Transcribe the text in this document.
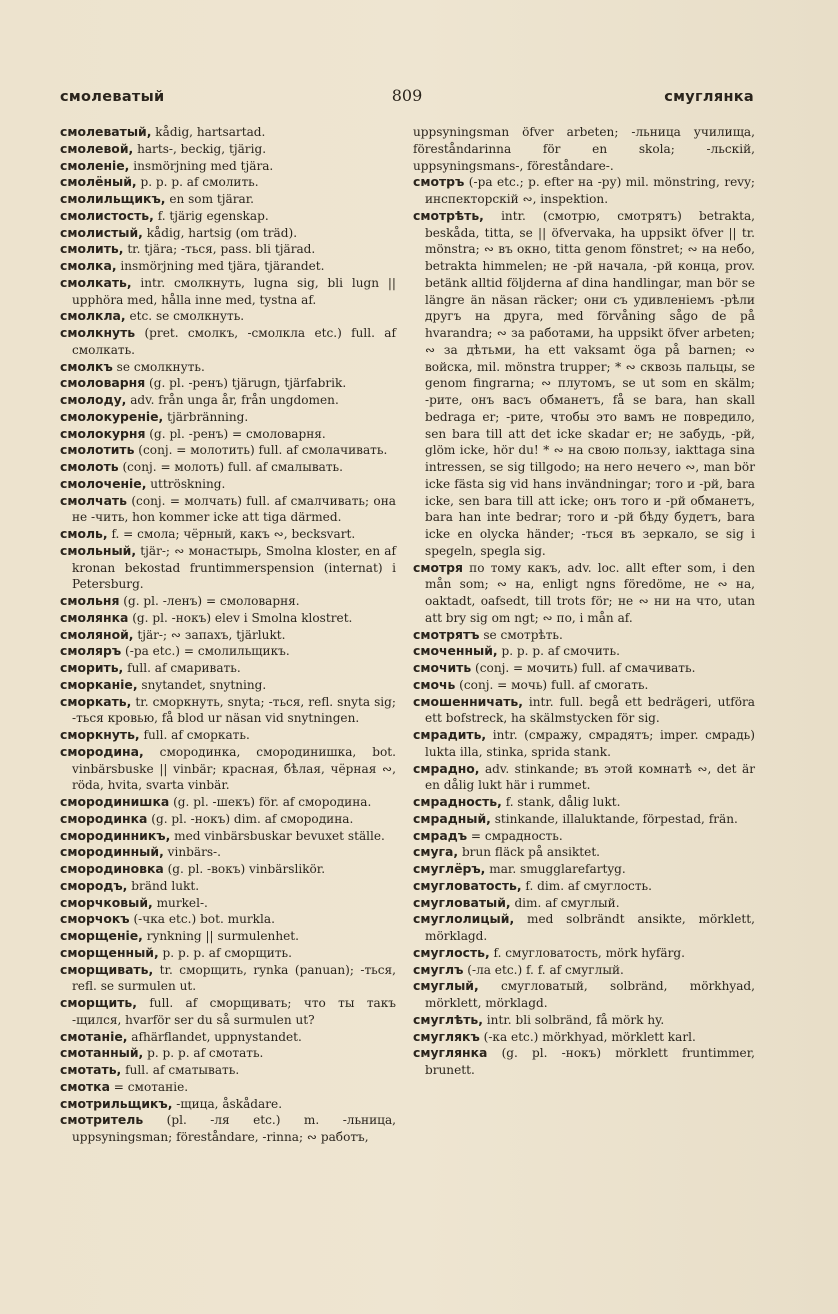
смолеватый	809	смуглянка

смолеватый, kådig, hartsartad.

смолевой, harts-, beckig, tjärig.

смоленіе, insmörjning med tjära.

смолёный, p. p. p. af смолить.

смолильщикъ, en som tjärar.

смолистость, f. tjärig egenskap.

смолистый, kådig, hartsig (om träd).

смолить, tr. tjära; -ться, pass. bli tjärad.

смолка, insmörjning med tjära, tjärandet.

смолкать, intr. смолкнуть, lugna sig, bli lugn || upphöra med, hålla inne med, tystna af.

смолкла, etc. se смолкнуть.

смолкнуть (pret. смолкъ, -смолкла etc.) full. af смолкать.

смолкъ se смолкнуть.

смоловарня (g. pl. -ренъ) tjärugn, tjärfabrik.

смолоду, adv. från unga år, från ungdomen.

смолокуреніе, tjärbränning.

смолокурня (g. pl. -ренъ) = смоловарня.

смолотить (conj. = молотить) full. af смолачивать.

смолоть (conj. = молоть) full. af смалывать.

смолоченіе, uttröskning.

смолчать (conj. = молчать) full. af смалчивать; она не -чить, hon kommer icke att tiga därmed.

смоль, f. = смола; чёрный, какъ ∾, becksvart.

смольный, tjär-; ∾ монастырь, Smolna kloster, en af kronan bekostad fruntimmerspension (internat) i Petersburg.

смольня (g. pl. -ленъ) = смоловарня.

смолянка (g. pl. -нокъ) elev i Smolna klostret.

смоляной, tjär-; ∾ запахъ, tjärlukt.

смоляръ (-ра etc.) = смолильщикъ.

сморить, full. af смаривать.

сморканіе, snytandet, snytning.

сморкать, tr. сморкнуть, snyta; -ться, refl. snyta sig; -ться кровью, få blod ur näsan vid snytningen.

сморкнуть, full. af сморкать.

смородина, смородинка, смородинишка, bot. vinbärsbuske || vinbär; красная, бѣлая, чёрная ∾, röda, hvita, svarta vinbär.

смородинишка (g. pl. -шекъ) för. af смородина.

смородинка (g. pl. -нокъ) dim. af смородина.

смородинникъ, med vinbärsbuskar bevuxet ställe.

смородинный, vinbärs-.

смородиновка (g. pl. -вокъ) vinbärslikör.

смородъ, bränd lukt.

сморчковый, murkel-.

сморчокъ (-чка etc.) bot. murkla.

сморщеніе, rynkning || surmulenhet.

сморщенный, p. p. p. af сморщить.

сморщивать, tr. сморщить, rynka (panuan); -ться, refl. se surmulen ut.

сморщить, full. af сморщивать; что ты такъ -щился, hvarför ser du så surmulen ut?

смотаніе, afhärflandet, uppnystandet.

смотанный, p. p. p. af смотать.

смотать, full. af сматывать.

смотка = смотаніе.

смотрильщикъ, -щица, åskådare.

смотритель (pl. -ля etc.) m. -льница, uppsyningsman; föreståndare, -rinna; ∾ работъ,

uppsyningsman öfver arbeten; -льница училища, föreståndarinna för en skola; -льскій, uppsyningsmans-, föreståndare-.

смотръ (-ра etc.; p. efter на -ру) mil. mönstring, revy; инспекторскій ∾, inspektion.

смотрѣть, intr. (смотрю, смотрятъ) betrakta, beskåda, titta, se || öfvervaka, ha uppsikt öfver || tr. mönstra; ∾ въ окно, titta genom fönstret; ∾ на небо, betrakta himmelen; не -рй начала, -рй конца, prov. betänk alltid följderna af dina handlingar, man bör se längre än näsan räcker; они съ удивленіемъ -рѣли другъ на друга, med förvåning sågo de på hvarandra; ∾ за работами, ha uppsikt öfver arbeten; ∾ за дѣтьми, ha ett vaksamt öga på barnen; ∾ войска, mil. mönstra trupper; * ∾ сквозь пальцы, se genom fingrarna; ∾ плутомъ, se ut som en skälm; -рите, онъ васъ обманетъ, få se bara, han skall bedraga er; -рите, чтобы это вамъ не повредило, sen bara till att det icke skadar er; не забудь, -рй, glöm icke, hör du! * ∾ на свою пользу, iakttaga sina intressen, se sig tillgodo; на него нечего ∾, man bör icke fästa sig vid hans invändningar; того и -рй, bara icke, sen bara till att icke; онъ того и -рй обманетъ, bara han inte bedrar; того и -рй бѣду будетъ, bara icke en olycka händer; -ться въ зеркало, se sig i spegeln, spegla sig.

смотря по тому какъ, adv. loc. allt efter som, i den mån som; ∾ на, enligt ngns föredöme, не ∾ на, oaktadt, oafsedt, till trots för; не ∾ ни на что, utan att bry sig om ngt; ∾ по, i mån af.

смотрятъ se смотрѣть.

смоченный, p. p. p. af смочить.

смочить (conj. = мочить) full. af смачивать.

смочь (conj. = мочь) full. af смогать.

смошенничать, intr. full. begå ett bedrägeri, utföra ett bofstreck, ha skälmstycken för sig.

смрадить, intr. (смражу, смрадятъ; imper. смрадь) lukta illa, stinka, sprida stank.

смрадно, adv. stinkande; въ этой комнатѣ ∾, det är en dålig lukt här i rummet.

смрадность, f. stank, dålig lukt.

смрадный, stinkande, illaluktande, förpestad, frän.

смрадъ = смрадность.

смуга, brun fläck på ansiktet.

смуглёръ, mar. smugglarefartyg.

смугловатость, f. dim. af смуглость.

смугловатый, dim. af смуглый.

смуглолицый, med solbrändt ansikte, mörklett, mörklagd.

смуглость, f. смугловатость, mörk hyfärg.

смуглъ (-ла etc.) f. f. af смуглый.

смуглый, смугловатый, solbränd, mörkhyad, mörklett, mörklagd.

смуглѣть, intr. bli solbränd, få mörk hy.

смуглякъ (-ка etc.) mörkhyad, mörklett karl.

смуглянка (g. pl. -нокъ) mörklett fruntimmer, brunett.
